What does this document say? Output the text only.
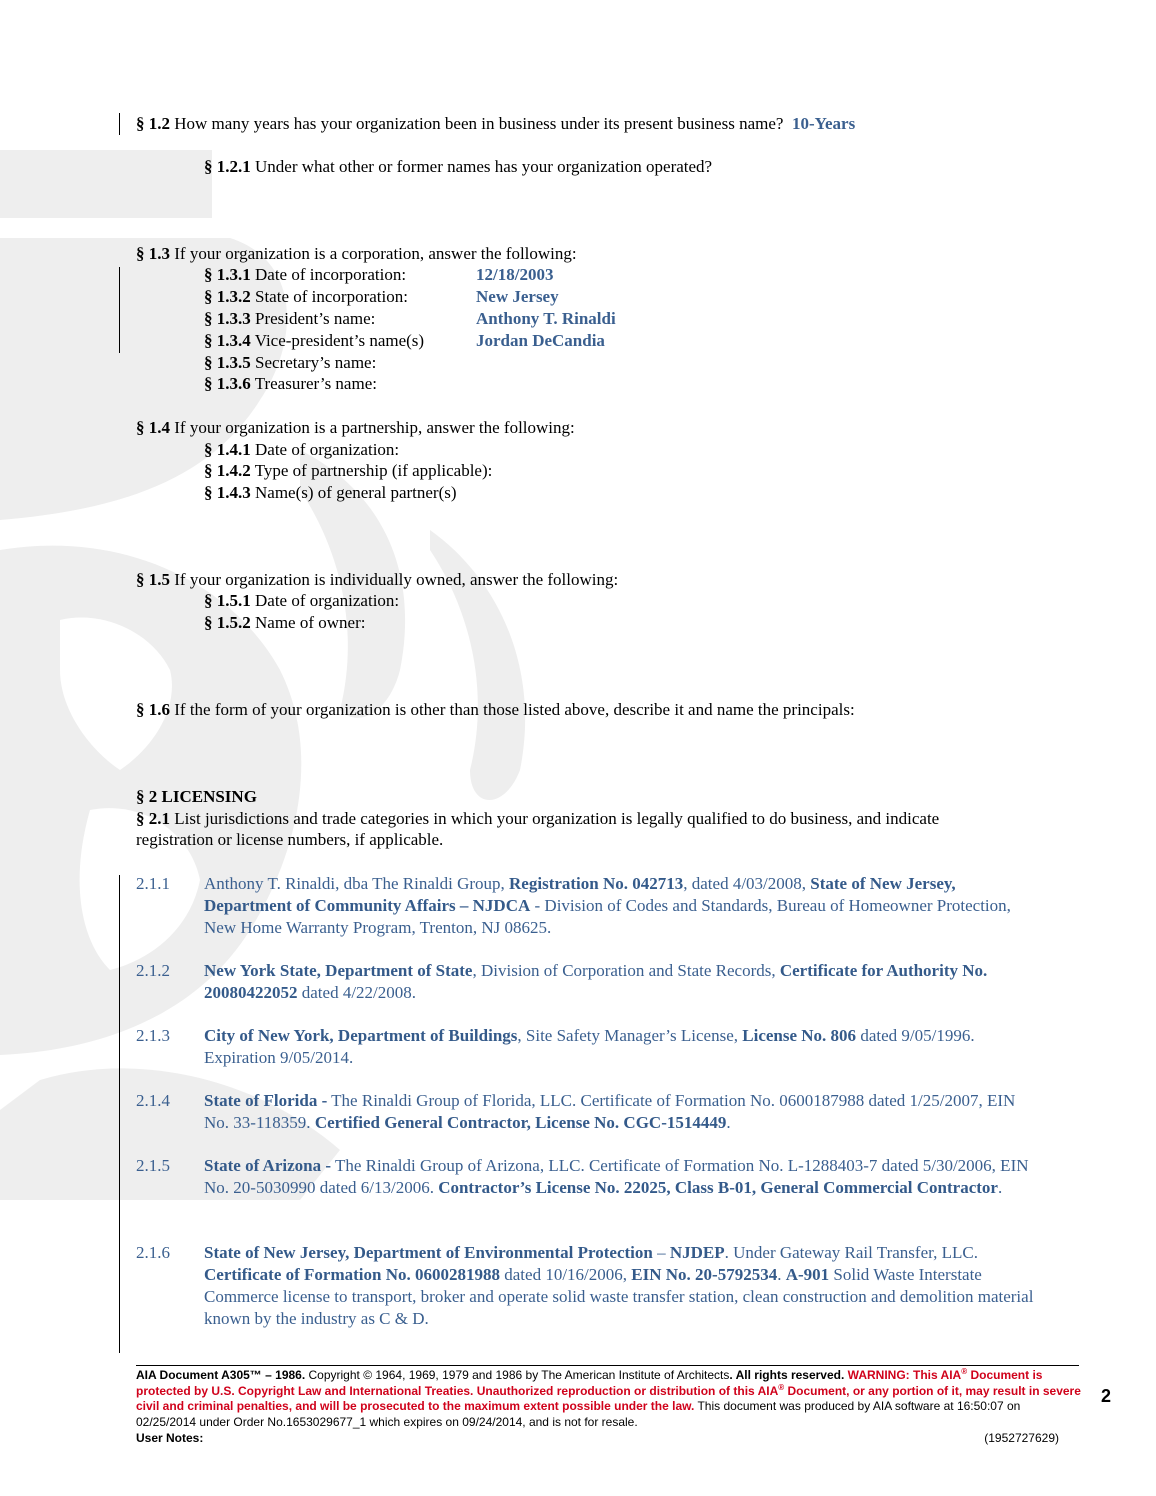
§ 1.2 How many years has your organization been in business under its present business name? 10-Years
§ 1.2.1 Under what other or former names has your organization operated?
§ 1.3 If your organization is a corporation, answer the following:
§ 1.3.1 Date of incorporation:	12/18/2003
§ 1.3.2 State of incorporation:	New Jersey
§ 1.3.3 President’s name:	Anthony T. Rinaldi
§ 1.3.4 Vice-president’s name(s)	Jordan DeCandia
§ 1.3.5 Secretary’s name:
§ 1.3.6 Treasurer’s name:
§ 1.4 If your organization is a partnership, answer the following:
§ 1.4.1 Date of organization:
§ 1.4.2 Type of partnership (if applicable):
§ 1.4.3 Name(s) of general partner(s)
§ 1.5 If your organization is individually owned, answer the following:
§ 1.5.1 Date of organization:
§ 1.5.2 Name of owner:
§ 1.6 If the form of your organization is other than those listed above, describe it and name the principals:
§ 2 LICENSING
§ 2.1 List jurisdictions and trade categories in which your organization is legally qualified to do business, and indicate
registration or license numbers, if applicable.
2.1.1 Anthony T. Rinaldi, dba The Rinaldi Group, Registration No. 042713, dated 4/03/2008, State of New Jersey, Department of Community Affairs – NJDCA - Division of Codes and Standards, Bureau of Homeowner Protection, New Home Warranty Program, Trenton, NJ 08625.
2.1.2 New York State, Department of State, Division of Corporation and State Records, Certificate for Authority No. 20080422052 dated 4/22/2008.
2.1.3 City of New York, Department of Buildings, Site Safety Manager’s License, License No. 806 dated 9/05/1996. Expiration 9/05/2014.
2.1.4 State of Florida - The Rinaldi Group of Florida, LLC. Certificate of Formation No. 0600187988 dated 1/25/2007, EIN No. 33-118359. Certified General Contractor, License No. CGC-1514449.
2.1.5 State of Arizona - The Rinaldi Group of Arizona, LLC. Certificate of Formation No. L-1288403-7 dated 5/30/2006, EIN No. 20-5030990 dated 6/13/2006. Contractor’s License No. 22025, Class B-01, General Commercial Contractor.
2.1.6 State of New Jersey, Department of Environmental Protection – NJDEP. Under Gateway Rail Transfer, LLC. Certificate of Formation No. 0600281988 dated 10/16/2006, EIN No. 20-5792534. A-901 Solid Waste Interstate Commerce license to transport, broker and operate solid waste transfer station, clean construction and demolition material known by the industry as C & D.
AIA Document A305™ – 1986. Copyright © 1964, 1969, 1979 and 1986 by The American Institute of Architects. All rights reserved. WARNING: This AIA® Document is protected by U.S. Copyright Law and International Treaties. Unauthorized reproduction or distribution of this AIA® Document, or any portion of it, may result in severe civil and criminal penalties, and will be prosecuted to the maximum extent possible under the law. This document was produced by AIA software at 16:50:07 on 02/25/2014 under Order No.1653029677_1 which expires on 09/24/2014, and is not for resale.
User Notes:	(1952727629)
2
